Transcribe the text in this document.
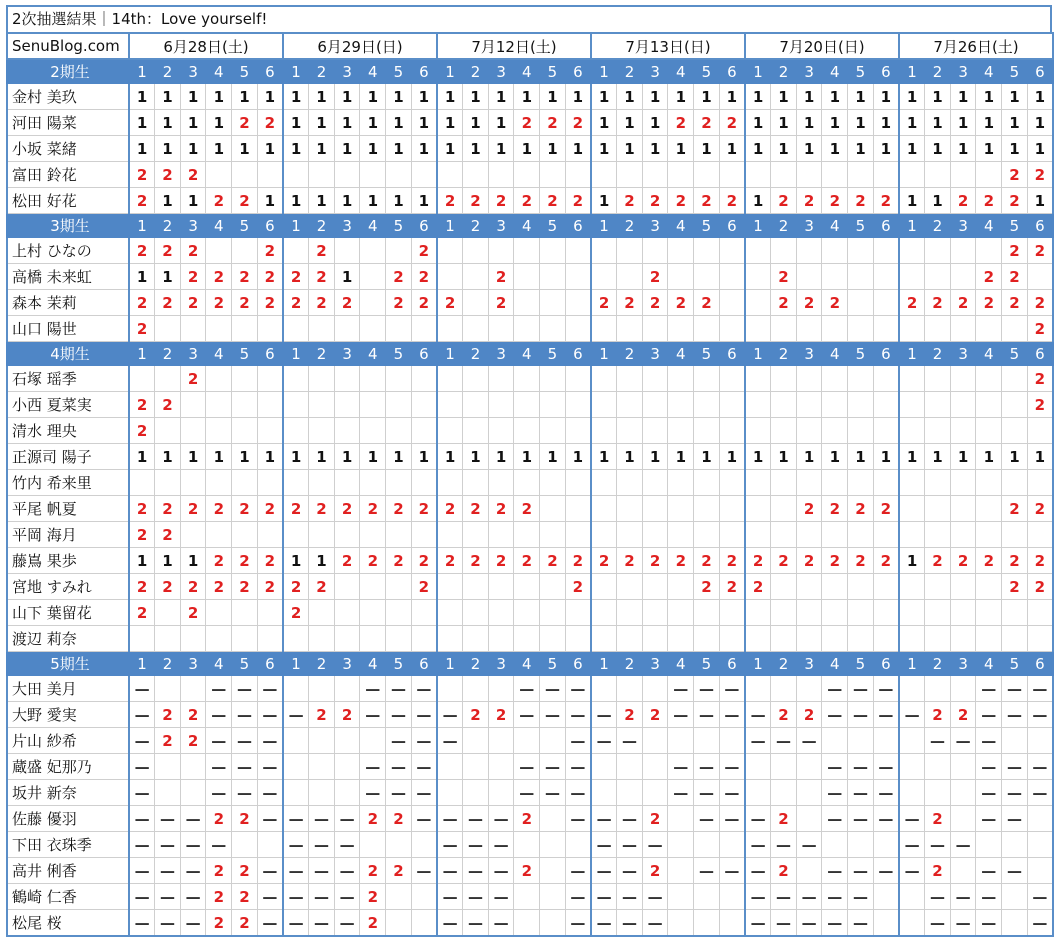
2次抽選結果｜14th：Love yourself!
SenuBlog.com	6月28日(土)						6月29日(日)						7月12日(土)						7月13日(日)						7月20日(日)						7月26日(土)					
2期生	1	2	3	4	5	6	1	2	3	4	5	6	1	2	3	4	5	6	1	2	3	4	5	6	1	2	3	4	5	6	1	2	3	4	5	6
金村 美玖	1	1	1	1	1	1	1	1	1	1	1	1	1	1	1	1	1	1	1	1	1	1	1	1	1	1	1	1	1	1	1	1	1	1	1	1
河田 陽菜	1	1	1	1	2	2	1	1	1	1	1	1	1	1	1	2	2	2	1	1	1	2	2	2	1	1	1	1	1	1	1	1	1	1	1	1
小坂 菜緒	1	1	1	1	1	1	1	1	1	1	1	1	1	1	1	1	1	1	1	1	1	1	1	1	1	1	1	1	1	1	1	1	1	1	1	1
富田 鈴花	2	2	2																																2	2
松田 好花	2	1	1	2	2	1	1	1	1	1	1	1	2	2	2	2	2	2	1	2	2	2	2	2	1	2	2	2	2	2	1	1	2	2	2	1
3期生	1	2	3	4	5	6	1	2	3	4	5	6	1	2	3	4	5	6	1	2	3	4	5	6	1	2	3	4	5	6	1	2	3	4	5	6
上村 ひなの	2	2	2			2		2				2																							2	2
高橋 未来虹	1	1	2	2	2	2	2	2	1		2	2			2						2					2								2	2	
森本 茉莉	2	2	2	2	2	2	2	2	2		2	2	2		2				2	2	2	2	2			2	2	2			2	2	2	2	2	2
山口 陽世	2																																			2
4期生	1	2	3	4	5	6	1	2	3	4	5	6	1	2	3	4	5	6	1	2	3	4	5	6	1	2	3	4	5	6	1	2	3	4	5	6
石塚 瑶季			2																																	2
小西 夏菜実	2	2																																		2
清水 理央	2																																			
正源司 陽子	1	1	1	1	1	1	1	1	1	1	1	1	1	1	1	1	1	1	1	1	1	1	1	1	1	1	1	1	1	1	1	1	1	1	1	1
竹内 希来里																																				
平尾 帆夏	2	2	2	2	2	2	2	2	2	2	2	2	2	2	2	2											2	2	2	2					2	2
平岡 海月	2	2																																		
藤嶌 果歩	1	1	1	2	2	2	1	1	2	2	2	2	2	2	2	2	2	2	2	2	2	2	2	2	2	2	2	2	2	2	1	2	2	2	2	2
宮地 すみれ	2	2	2	2	2	2	2	2				2						2					2	2	2										2	2
山下 葉留花	2		2				2																													
渡辺 莉奈																																				
5期生	1	2	3	4	5	6	1	2	3	4	5	6	1	2	3	4	5	6	1	2	3	4	5	6	1	2	3	4	5	6	1	2	3	4	5	6
大田 美月	—			—	—	—				—	—	—				—	—	—				—	—	—				—	—	—				—	—	—
大野 愛実	—	2	2	—	—	—	—	2	2	—	—	—	—	2	2	—	—	—	—	2	2	—	—	—	—	2	2	—	—	—	—	2	2	—	—	—
片山 紗希	—	2	2	—	—	—					—	—	—					—	—	—					—	—	—					—	—	—		
蔵盛 妃那乃	—			—	—	—				—	—	—				—	—	—				—	—	—				—	—	—				—	—	—
坂井 新奈	—			—	—	—				—	—	—				—	—	—				—	—	—				—	—	—				—	—	—
佐藤 優羽	—	—	—	2	2	—	—	—	—	2	2	—	—	—	—	2		—	—	—	2		—	—	—	2		—	—	—	—	2		—	—	
下田 衣珠季	—	—	—	—			—	—	—				—	—	—				—	—	—				—	—	—				—	—	—			
高井 俐香	—	—	—	2	2	—	—	—	—	2	2	—	—	—	—	2		—	—	—	2		—	—	—	2		—	—	—	—	2		—	—	
鶴崎 仁香	—	—	—	2	2	—	—	—	—	2			—	—	—			—	—	—	—				—	—	—	—	—			—	—	—		—
松尾 桜	—	—	—	2	2	—	—	—	—	2			—	—	—			—	—	—	—				—	—	—	—	—			—	—	—		—
